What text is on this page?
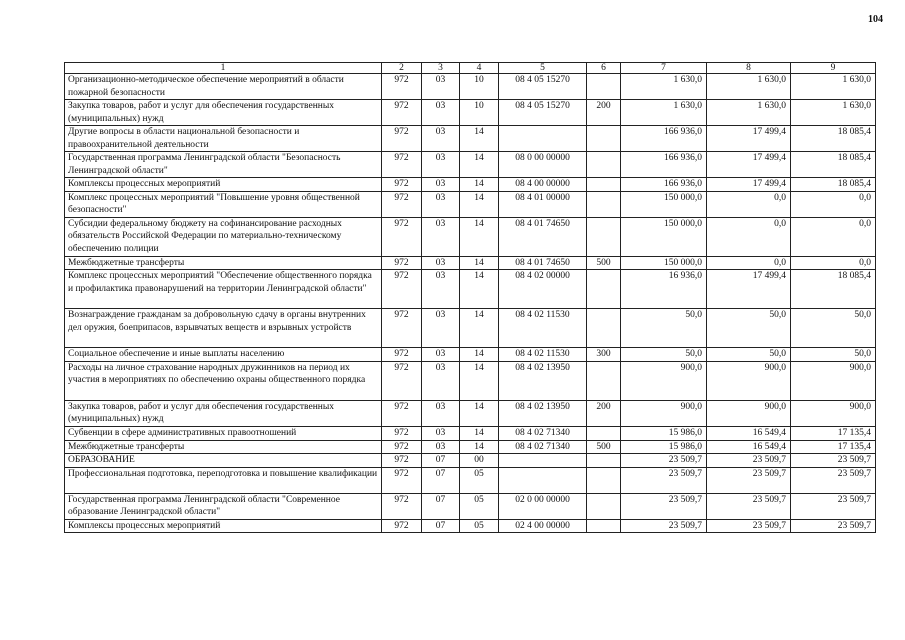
104
1	2	3	4	5	6	7	8	9
Организационно-методическое обеспечение мероприятий в области пожарной безопасности	972	03	10	08 4 05 15270		1 630,0	1 630,0	1 630,0
Закупка товаров, работ и услуг для обеспечения государственных (муниципальных) нужд	972	03	10	08 4 05 15270	200	1 630,0	1 630,0	1 630,0
Другие вопросы в области национальной безопасности и правоохранительной деятельности	972	03	14			166 936,0	17 499,4	18 085,4
Государственная программа Ленинградской области "Безопасность Ленинградской области"	972	03	14	08 0 00 00000		166 936,0	17 499,4	18 085,4
Комплексы процессных мероприятий	972	03	14	08 4 00 00000		166 936,0	17 499,4	18 085,4
Комплекс процессных мероприятий "Повышение уровня общественной безопасности"	972	03	14	08 4 01 00000		150 000,0	0,0	0,0
Субсидии федеральному бюджету на софинансирование расходных обязательств Российской Федерации по материально-техническому обеспечению полиции	972	03	14	08 4 01 74650		150 000,0	0,0	0,0
Межбюджетные трансферты	972	03	14	08 4 01 74650	500	150 000,0	0,0	0,0
Комплекс процессных мероприятий "Обеспечение общественного порядка и профилактика правонарушений на территории Ленинградской области"	972	03	14	08 4 02 00000		16 936,0	17 499,4	18 085,4
Вознаграждение гражданам за добровольную сдачу в органы внутренних дел оружия, боеприпасов, взрывчатых веществ и взрывных устройств	972	03	14	08 4 02 11530		50,0	50,0	50,0
Социальное обеспечение и иные выплаты населению	972	03	14	08 4 02 11530	300	50,0	50,0	50,0
Расходы на личное страхование народных дружинников на период их участия в мероприятиях по обеспечению охраны общественного порядка	972	03	14	08 4 02 13950		900,0	900,0	900,0
Закупка товаров, работ и услуг для обеспечения государственных (муниципальных) нужд	972	03	14	08 4 02 13950	200	900,0	900,0	900,0
Субвенции в сфере административных правоотношений	972	03	14	08 4 02 71340		15 986,0	16 549,4	17 135,4
Межбюджетные трансферты	972	03	14	08 4 02 71340	500	15 986,0	16 549,4	17 135,4
ОБРАЗОВАНИЕ	972	07	00			23 509,7	23 509,7	23 509,7
Профессиональная подготовка, переподготовка и повышение квалификации	972	07	05			23 509,7	23 509,7	23 509,7
Государственная программа Ленинградской области "Современное образование Ленинградской области"	972	07	05	02 0 00 00000		23 509,7	23 509,7	23 509,7
Комплексы процессных мероприятий	972	07	05	02 4 00 00000		23 509,7	23 509,7	23 509,7
